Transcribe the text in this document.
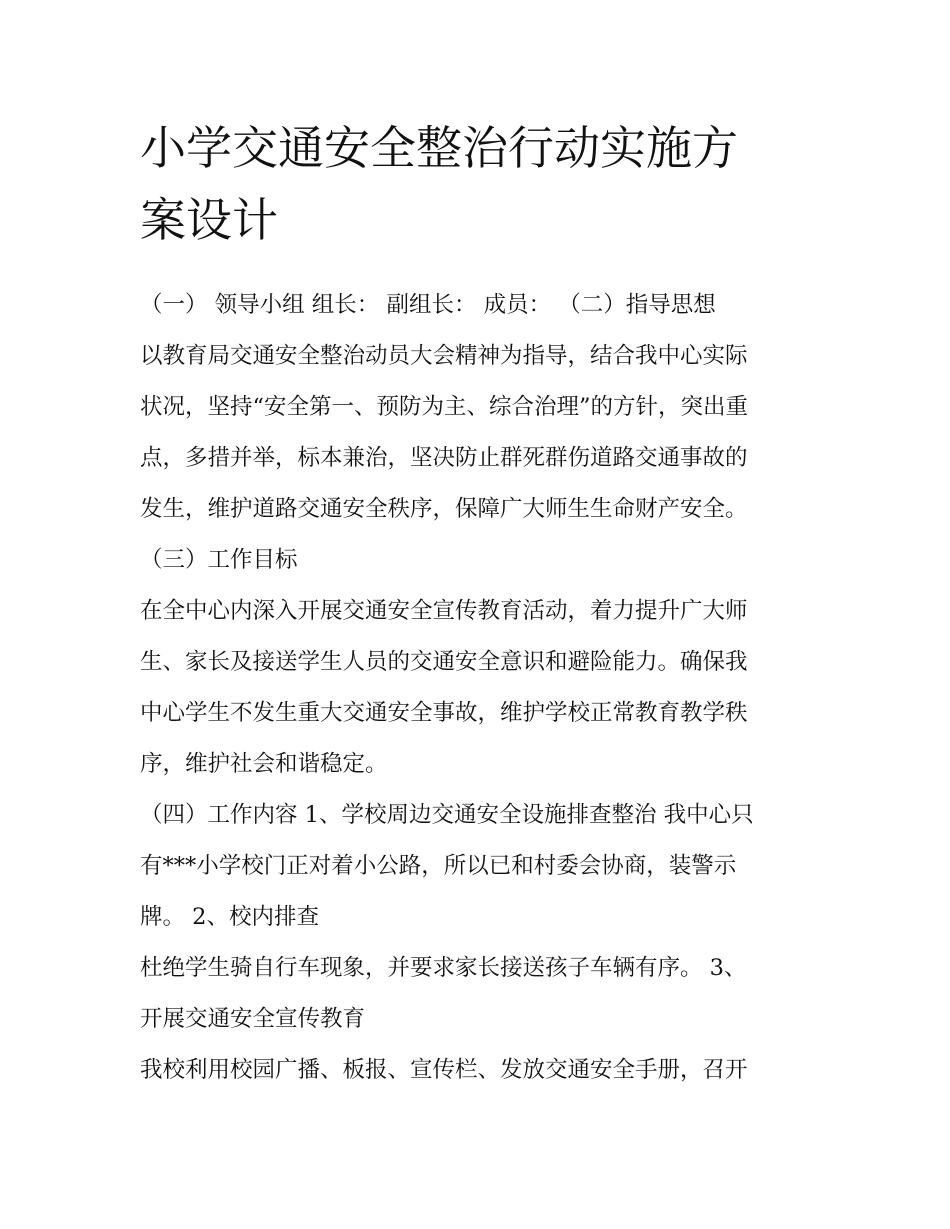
小学交通安全整治行动实施方
案设计
（一） 领导小组 组长： 副组长： 成员： （二）指导思想
以教育局交通安全整治动员大会精神为指导，结合我中心实际
状况，坚持“安全第一、预防为主、综合治理”的方针，突出重
点，多措并举，标本兼治，坚决防止群死群伤道路交通事故的
发生，维护道路交通安全秩序，保障广大师生生命财产安全。
（三）工作目标
在全中心内深入开展交通安全宣传教育活动，着力提升广大师
生、家长及接送学生人员的交通安全意识和避险能力。确保我
中心学生不发生重大交通安全事故，维护学校正常教育教学秩
序，维护社会和谐稳定。
（四）工作内容 1、学校周边交通安全设施排查整治 我中心只
有***小学校门正对着小公路，所以已和村委会协商，装警示
牌。 2、校内排查
杜绝学生骑自行车现象，并要求家长接送孩子车辆有序。 3、
开展交通安全宣传教育
我校利用校园广播、板报、宣传栏、发放交通安全手册，召开
